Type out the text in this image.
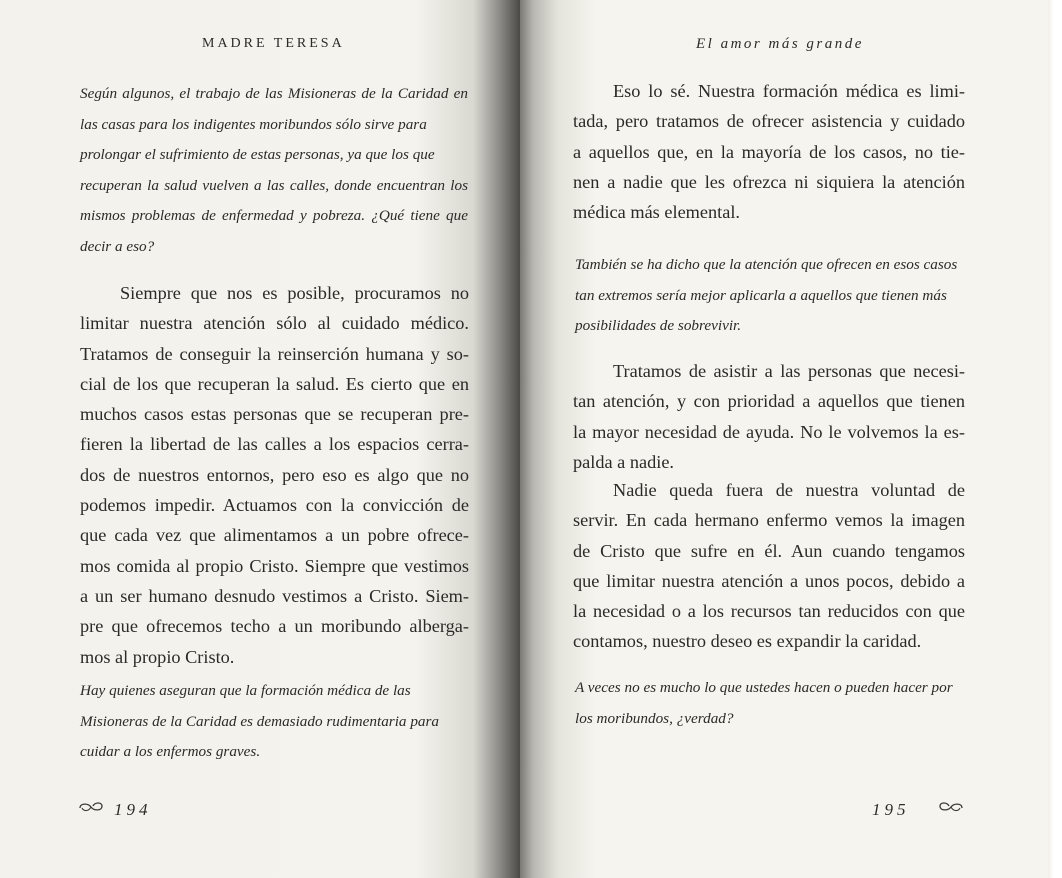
MADRE TERESA
Según algunos, el trabajo de las Misioneras de la Caridad en
las casas para los indigentes moribundos sólo sirve para
prolongar el sufrimiento de estas personas, ya que los que
recuperan la salud vuelven a las calles, donde encuentran los
mismos problemas de enfermedad y pobreza. ¿Qué tiene que
decir a eso?
Siempre que nos es posible, procuramos no
limitar nuestra atención sólo al cuidado médico.
Tratamos de conseguir la reinserción humana y so-
cial de los que recuperan la salud. Es cierto que en
muchos casos estas personas que se recuperan pre-
fieren la libertad de las calles a los espacios cerra-
dos de nuestros entornos, pero eso es algo que no
podemos impedir. Actuamos con la convicción de
que cada vez que alimentamos a un pobre ofrece-
mos comida al propio Cristo. Siempre que vestimos
a un ser humano desnudo vestimos a Cristo. Siem-
pre que ofrecemos techo a un moribundo alberga-
mos al propio Cristo.
Hay quienes aseguran que la formación médica de las
Misioneras de la Caridad es demasiado rudimentaria para
cuidar a los enfermos graves.
194
El amor más grande
Eso lo sé. Nuestra formación médica es limi-
tada, pero tratamos de ofrecer asistencia y cuidado
a aquellos que, en la mayoría de los casos, no tie-
nen a nadie que les ofrezca ni siquiera la atención
médica más elemental.
También se ha dicho que la atención que ofrecen en esos casos
tan extremos sería mejor aplicarla a aquellos que tienen más
posibilidades de sobrevivir.
Tratamos de asistir a las personas que necesi-
tan atención, y con prioridad a aquellos que tienen
la mayor necesidad de ayuda. No le volvemos la es-
palda a nadie.
Nadie queda fuera de nuestra voluntad de
servir. En cada hermano enfermo vemos la imagen
de Cristo que sufre en él. Aun cuando tengamos
que limitar nuestra atención a unos pocos, debido a
la necesidad o a los recursos tan reducidos con que
contamos, nuestro deseo es expandir la caridad.
A veces no es mucho lo que ustedes hacen o pueden hacer por
los moribundos, ¿verdad?
195
